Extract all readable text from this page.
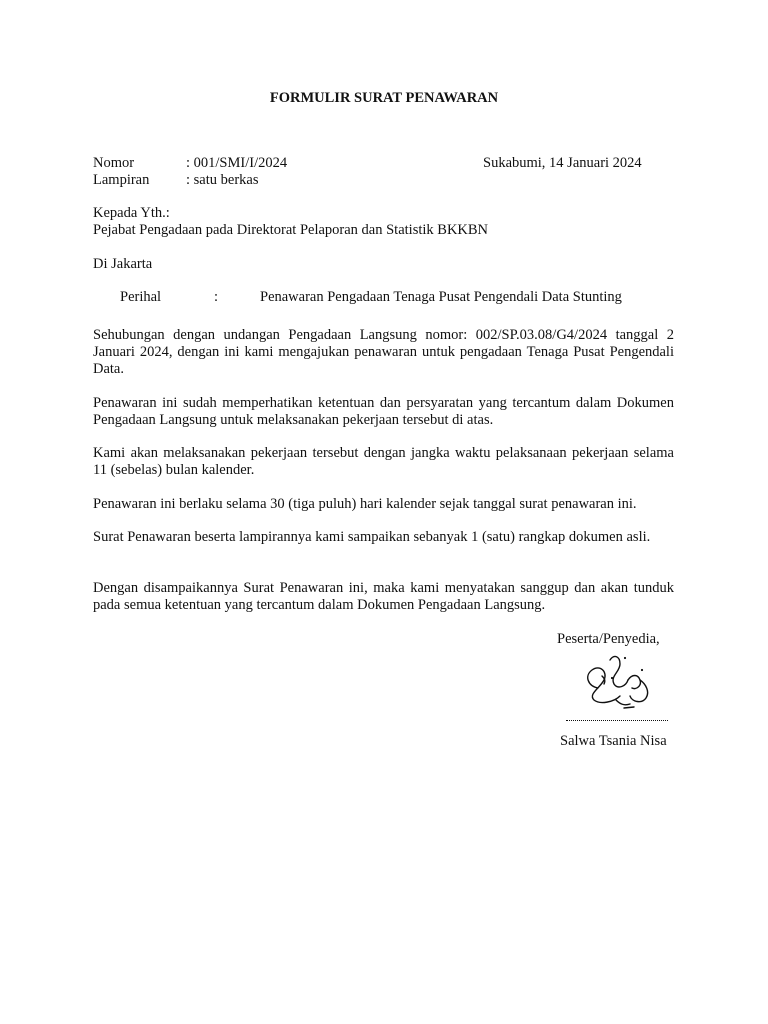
FORMULIR SURAT PENAWARAN
Nomor	: 001/SMI/I/2024
Lampiran	: satu berkas
Sukabumi, 14 Januari 2024
Kepada Yth.:
Pejabat Pengadaan pada Direktorat Pelaporan dan Statistik BKKBN
Di Jakarta
Perihal	:	Penawaran Pengadaan Tenaga Pusat Pengendali Data Stunting

Sehubungan dengan undangan Pengadaan Langsung nomor: 002/SP.03.08/G4/2024 tanggal 2 Januari 2024, dengan ini kami mengajukan penawaran untuk pengadaan Tenaga Pusat Pengendali Data.

Penawaran ini sudah memperhatikan ketentuan dan persyaratan yang tercantum dalam Dokumen Pengadaan Langsung untuk melaksanakan pekerjaan tersebut di atas.

Kami akan melaksanakan pekerjaan tersebut dengan jangka waktu pelaksanaan pekerjaan selama 11 (sebelas) bulan kalender.

Penawaran ini berlaku selama 30 (tiga puluh) hari kalender sejak tanggal surat penawaran ini.

Surat Penawaran beserta lampirannya kami sampaikan sebanyak 1 (satu) rangkap dokumen asli.

Dengan disampaikannya Surat Penawaran ini, maka kami menyatakan sanggup dan akan tunduk pada semua ketentuan yang tercantum dalam Dokumen Pengadaan Langsung.

Peserta/Penyedia,
Salwa Tsania Nisa
